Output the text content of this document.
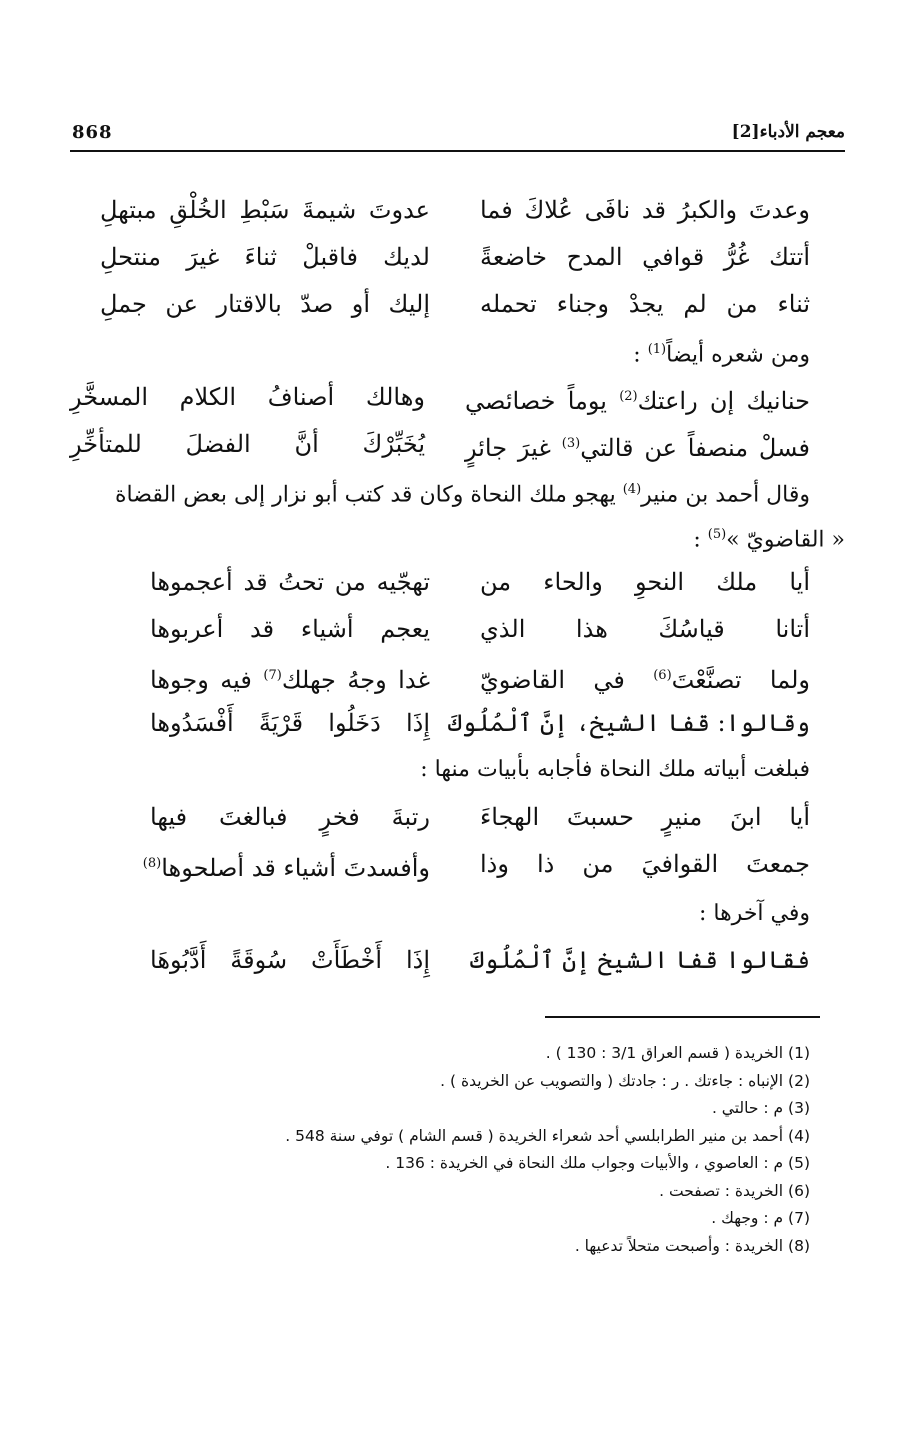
معجم الأدباء[2]
868
وعدتَ والكبرُ قد نافَى عُلاكَ فما
عدوتَ شيمةَ سَبْطِ الخُلْقِ مبتهلِ
أتتك غُرُّ قوافي المدح خاضعةً
لديك فاقبلْ ثناءَ غيرَ منتحلِ
ثناء من لم يجدْ وجناء تحمله
إليك أو صدّ بالاقتار عن جملِ
ومن شعره أيضاً$^{(1)}$ :
حنانيك إن راعتك$^{(2)}$ يوماً خصائصي
وهالك أصنافُ الكلام المسخَّرِ
فسلْ منصفاً عن قالتي$^{(3)}$ غيرَ جائرٍ
يُخَبِّرْكَ أنَّ الفضلَ للمتأخِّرِ
وقال أحمد بن منير$^{(4)}$ يهجو ملك النحاة وكان قد كتب أبو نزار إلى بعض القضاة
« القاضويّ »$^{(5)}$ :
أيا ملك النحوِ والحاء من
تهجّيه من تحتُ قد أعجموها
أتانا قياسُكَ هذا الذي
يعجم أشياء قد أعربوها
ولما تصنَّعْتَ$^{(6)}$ في القاضويّ
غدا وجهُ جهلك$^{(7)}$ فيه وجوها
وقالوا: قفا الشيخ، إنَّ ٱلْمُلُوكَ
إِذَا دَخَلُوا قَرْيَةً أَفْسَدُوها
فبلغت أبياته ملك النحاة فأجابه بأبيات منها :
أيا ابنَ منيرٍ حسبتَ الهجاءَ
رتبةَ فخرٍ فبالغتَ فيها
جمعتَ القوافيَ من ذا وذا
وأفسدتَ أشياء قد أصلحوها$^{(8)}$
وفي آخرها :
فقالوا قفا الشيخ إنَّ ٱلْمُلُوكَ
إِذَا أَخْطَأَتْ سُوقَةً أَدَّبُوهَا
(1) الخريدة ( قسم العراق 3/1 : 130 ) .
(2) الإنباه : جاءتك . ر : جادتك ( والتصويب عن الخريدة ) .
(3) م : حالتي .
(4) أحمد بن منير الطرابلسي أحد شعراء الخريدة ( قسم الشام ) توفي سنة 548 .
(5) م : العاصوي ، والأبيات وجواب ملك النحاة في الخريدة : 136 .
(6) الخريدة : تصفحت .
(7) م : وجهك .
(8) الخريدة : وأصبحت متحلاً تدعيها .
